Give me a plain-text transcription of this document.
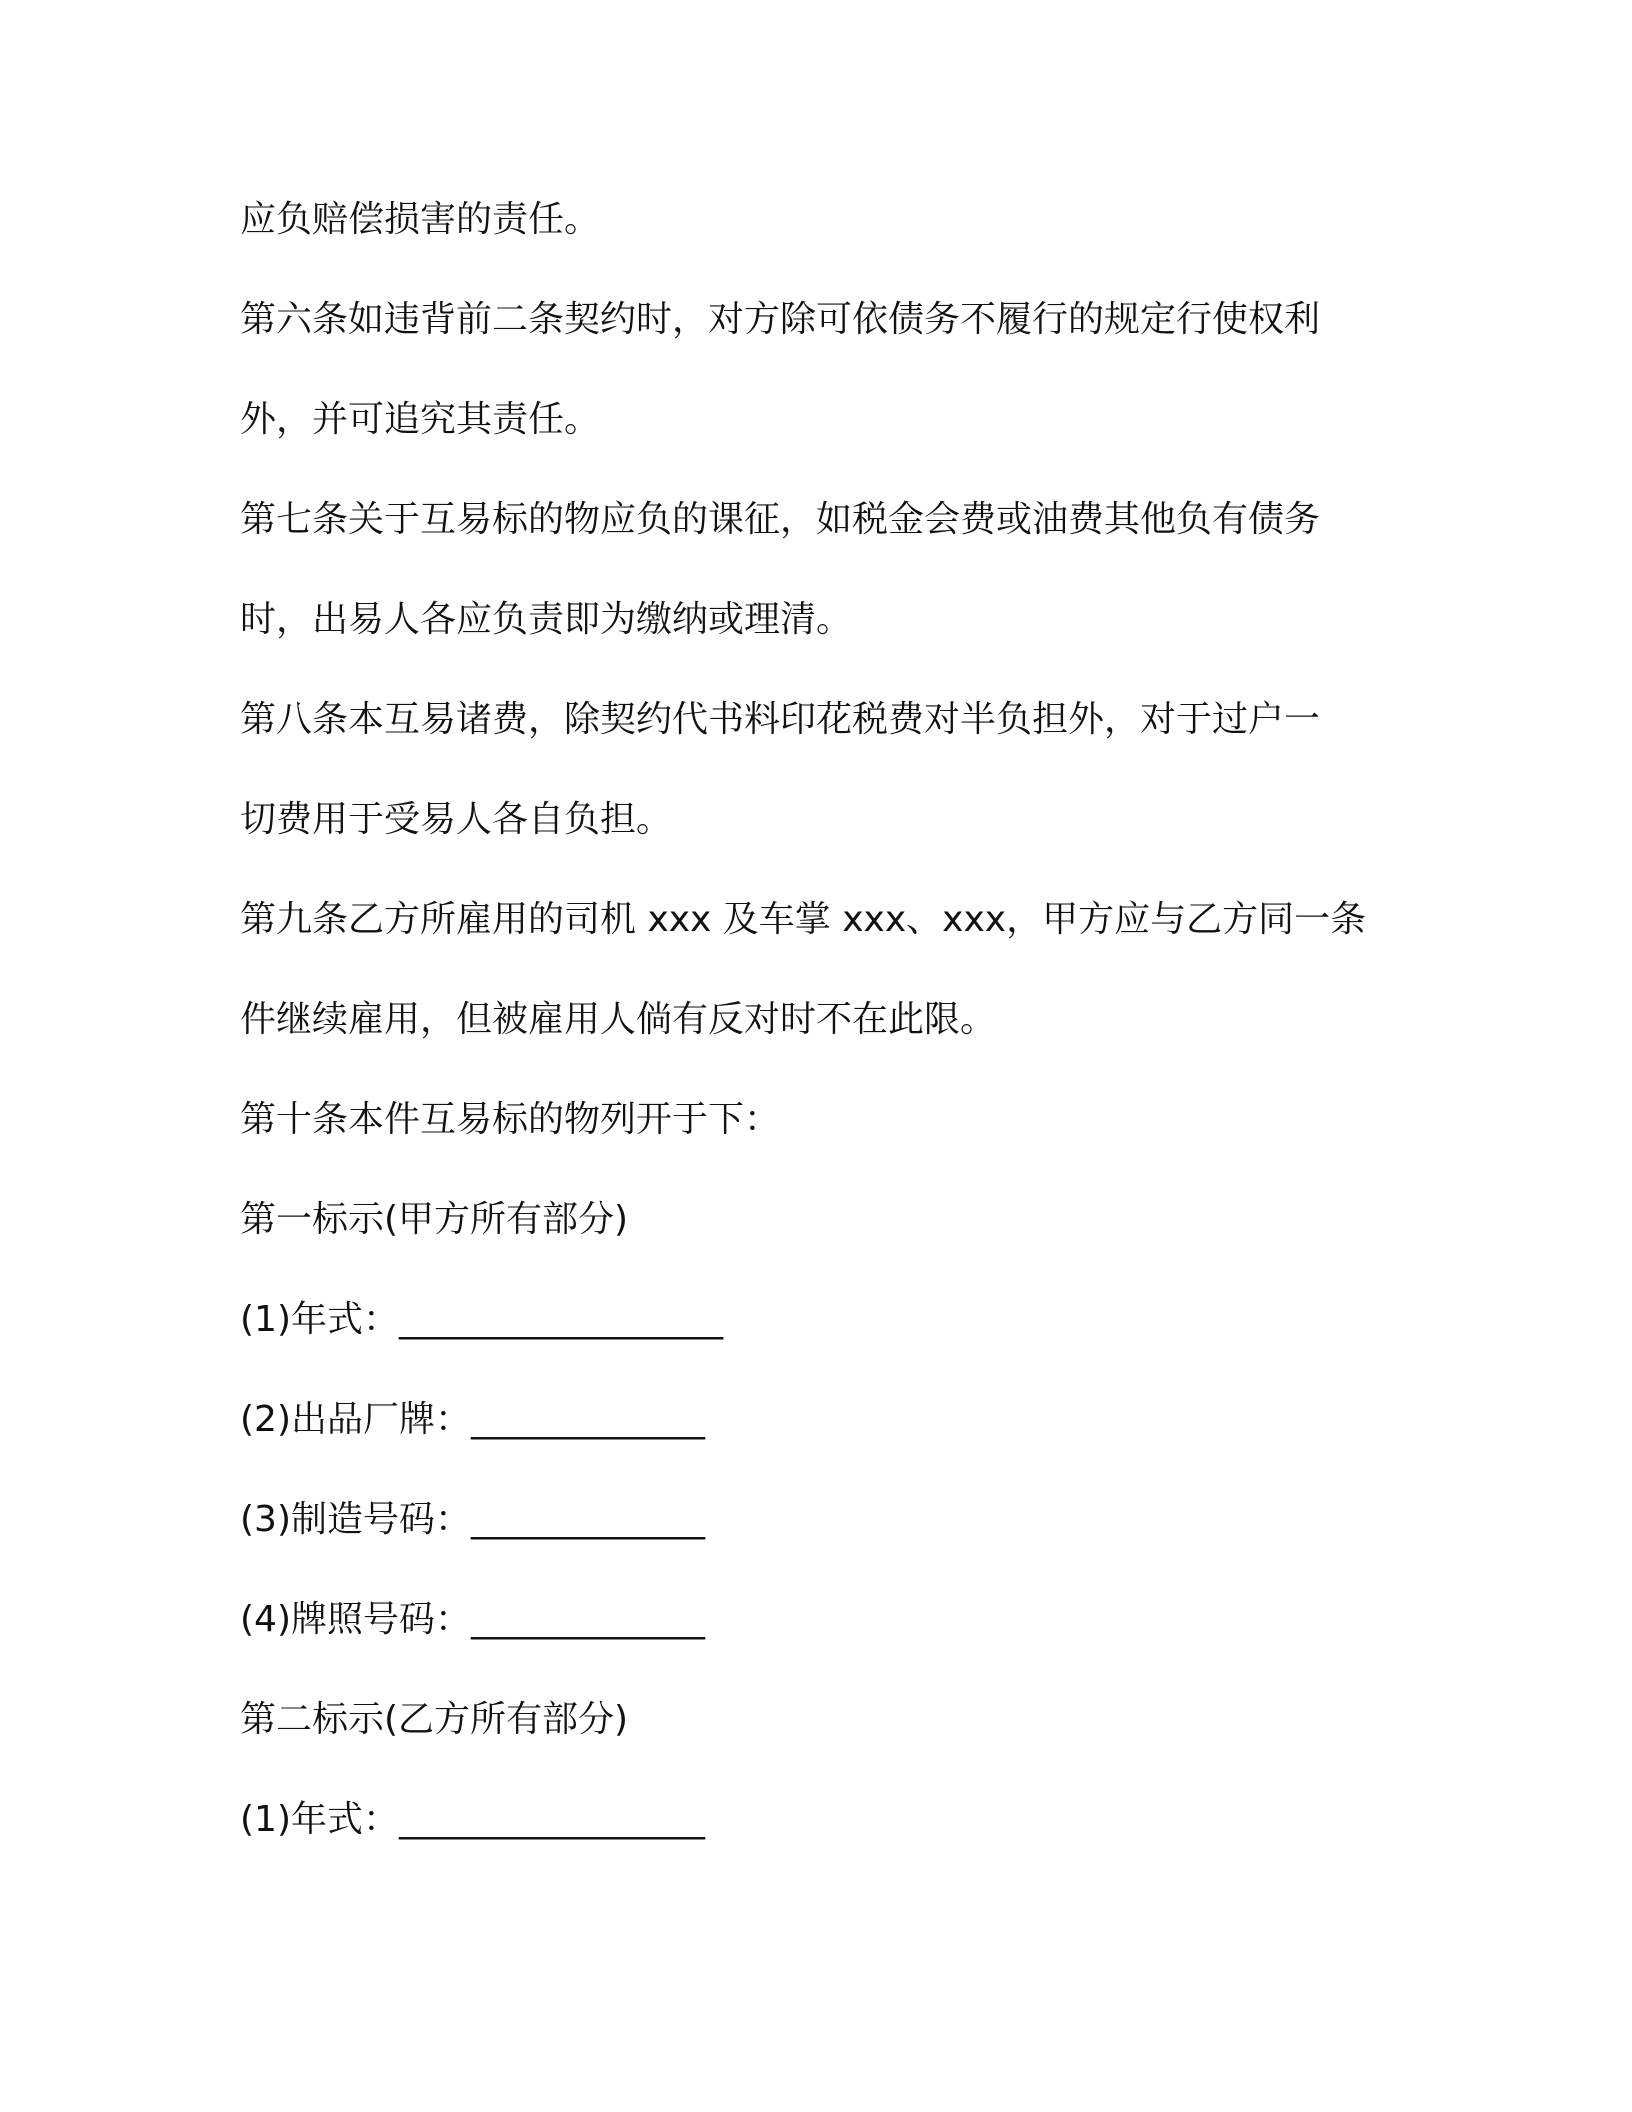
应负赔偿损害的责任。

第六条如违背前二条契约时，对方除可依债务不履行的规定行使权利

外，并可追究其责任。

第七条关于互易标的物应负的课征，如税金会费或油费其他负有债务

时，出易人各应负责即为缴纳或理清。

第八条本互易诸费，除契约代书料印花税费对半负担外，对于过户一

切费用于受易人各自负担。

第九条乙方所雇用的司机 xxx 及车掌 xxx、xxx，甲方应与乙方同一条

件继续雇用，但被雇用人倘有反对时不在此限。

第十条本件互易标的物列开于下：

第一标示(甲方所有部分)

(1)年式：__________________

(2)出品厂牌：_____________

(3)制造号码：_____________

(4)牌照号码：_____________

第二标示(乙方所有部分)

(1)年式：_________________
